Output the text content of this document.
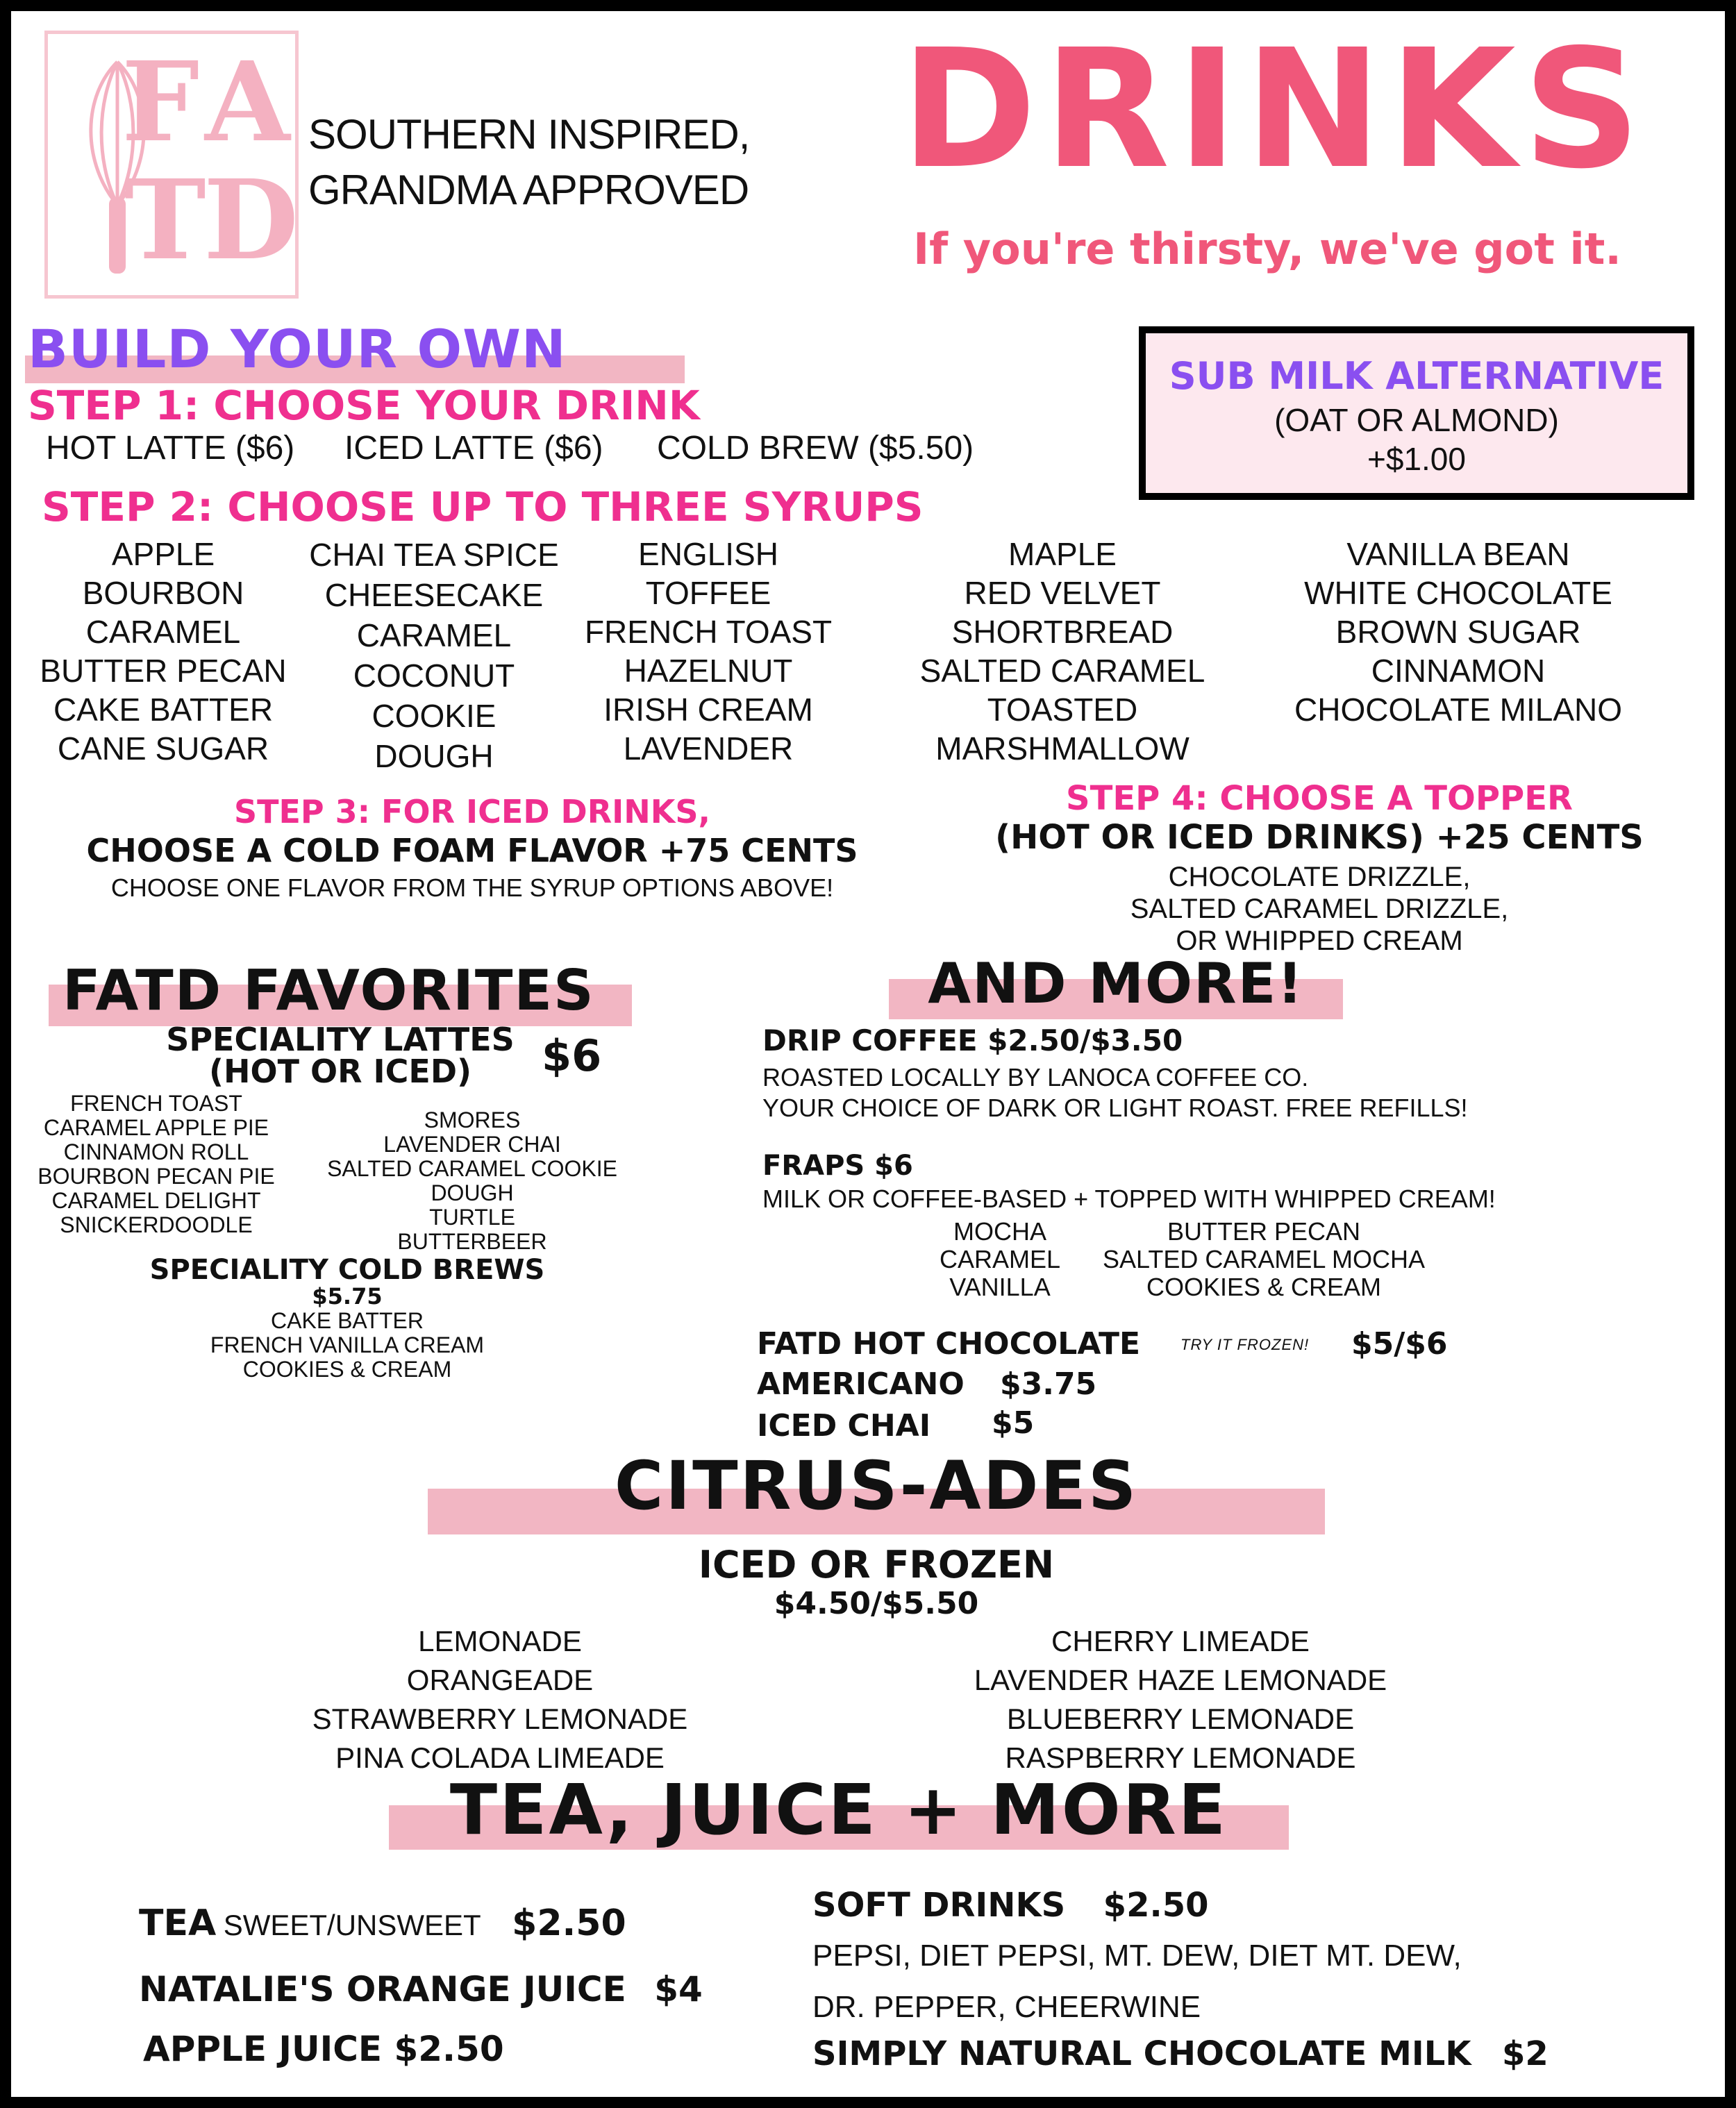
F A
T
D
SOUTHERN INSPIRED,
GRANDMA APPROVED DRINKS
If you're thirsty, we've got it.
BUILD YOUR OWN
STEP 1: CHOOSE YOUR DRINK
HOT LATTE ($6) ICED LATTE ($6) COLD BREW ($5.50)
STEP 2: CHOOSE UP TO THREE SYRUPS
SUB MILK ALTERNATIVE
(OAT OR ALMOND)
+$1.00
APPLE
BOURBON
CARAMEL
BUTTER PECAN
CAKE BATTER
CANE SUGAR
CHAI TEA SPICE
CHEESECAKE
CARAMEL
COCONUT
COOKIE
DOUGH
ENGLISH TOFFEE
FRENCH TOAST
HAZELNUT
IRISH CREAM
LAVENDER
MAPLE
RED VELVET
SHORTBREAD
SALTED CARAMEL
TOASTED MARSHMALLOW
VANILLA BEAN
WHITE CHOCOLATE
BROWN SUGAR
CINNAMON
CHOCOLATE MILANO
STEP 3: FOR ICED DRINKS,
CHOOSE A COLD FOAM FLAVOR +75 CENTS
CHOOSE ONE FLAVOR FROM THE SYRUP OPTIONS ABOVE!
STEP 4: CHOOSE A TOPPER
(HOT OR ICED DRINKS) +25 CENTS
CHOCOLATE DRIZZLE,
SALTED CARAMEL DRIZZLE,
OR WHIPPED CREAM
FATD FAVORITES
SPECIALITY LATTES
(HOT OR ICED)	$6
FRENCH TOAST
CARAMEL APPLE PIE
CINNAMON ROLL
BOURBON PECAN PIE
CARAMEL DELIGHT
SNICKERDOODLE
SMORES
LAVENDER CHAI
SALTED CARAMEL COOKIE DOUGH
TURTLE
BUTTERBEER
SPECIALITY COLD BREWS
$5.75
CAKE BATTER
FRENCH VANILLA CREAM
COOKIES & CREAM
AND MORE!
DRIP COFFEE $2.50/$3.50
ROASTED LOCALLY BY LANOCA COFFEE CO.
YOUR CHOICE OF DARK OR LIGHT ROAST. FREE REFILLS!
FRAPS $6
MILK OR COFFEE-BASED + TOPPED WITH WHIPPED CREAM!
MOCHA
CARAMEL
VANILLA
BUTTER PECAN
SALTED CARAMEL MOCHA
COOKIES & CREAM
FATD HOT CHOCOLATE	TRY IT FROZEN! $5/$6
AMERICANO $3.75
ICED CHAI $5
CITRUS-ADES
ICED OR FROZEN
$4.50/$5.50
LEMONADE
ORANGEADE
STRAWBERRY LEMONADE
PINA COLADA LIMEADE
CHERRY LIMEADE
LAVENDER HAZE LEMONADE
BLUEBERRY LEMONADE
RASPBERRY LEMONADE
TEA, JUICE + MORE
TEA SWEET/UNSWEET $2.50
NATALIE'S ORANGE JUICE $4
APPLE JUICE $2.50
SOFT DRINKS $2.50
PEPSI, DIET PEPSI, MT. DEW, DIET MT. DEW,
DR. PEPPER, CHEERWINE
SIMPLY NATURAL CHOCOLATE MILK $2
